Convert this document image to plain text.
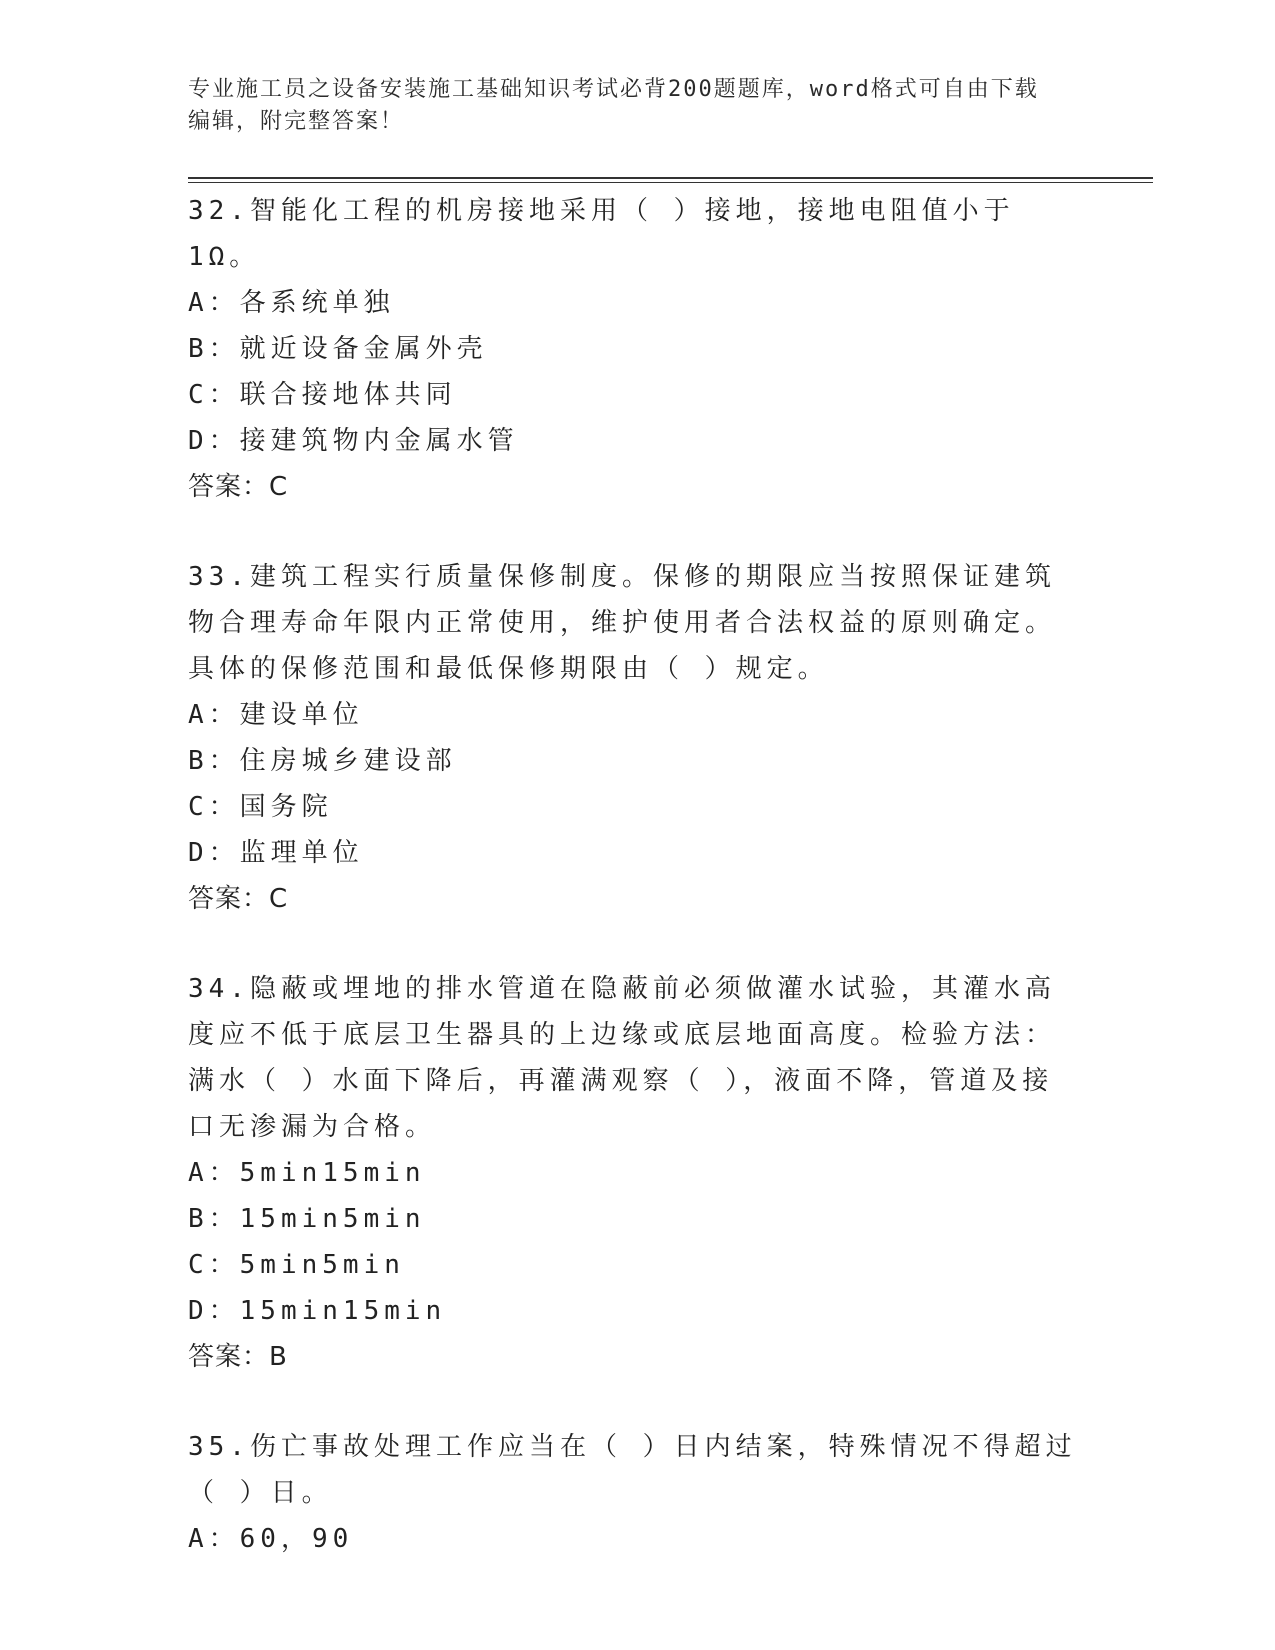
专业施工员之设备安装施工基础知识考试必背200题题库，word格式可自由下载
编辑，附完整答案！

32.智能化工程的机房接地采用（ ）接地，接地电阻值小于1Ω。

A：各系统单独

B：就近设备金属外壳

C：联合接地体共同

D：接建筑物内金属水管

答案：C

33.建筑工程实行质量保修制度。保修的期限应当按照保证建筑物合理寿命年限内正常使用，维护使用者合法权益的原则确定。具体的保修范围和最低保修期限由（ ）规定。

A：建设单位

B：住房城乡建设部

C：国务院

D：监理单位

答案：C

34.隐蔽或埋地的排水管道在隐蔽前必须做灌水试验，其灌水高度应不低于底层卫生器具的上边缘或底层地面高度。检验方法：满水（ ）水面下降后，再灌满观察（ ），液面不降，管道及接口无渗漏为合格。

A：5min15min

B：15min5min

C：5min5min

D：15min15min

答案：B

35.伤亡事故处理工作应当在（ ）日内结案，特殊情况不得超过（ ）日。

A：60，90
